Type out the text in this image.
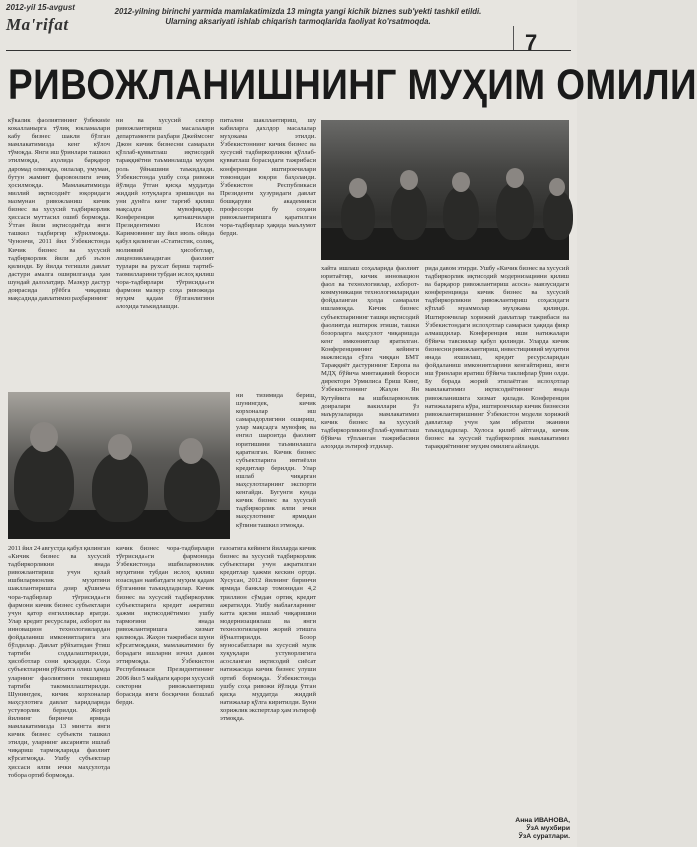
2012-yil 15-avgust
Ma'rifat
2012-yilning birinchi yarmida mamlakatimizda 13 mingta yangi kichik biznes sub'yekti tashkil etildi. Ularning aksariyati ishlab chiqarish tarmoqlarida faoliyat ko'rsatmoqda.
7
РИВОЖЛАНИШНИНГ МУҲИМ ОМИЛИ
кўкалик фаолиятининг ўзбекиste кокалланырга тўлиқ юкламалари кабу бизнес шакли бўлган мамлакатимизда кенг кўлоч тўмоқда. Янги иш ўринлари ташкил этилмоқда, аҳолида барқарор даромад олмоқда, оилалар, умуман, бутун жамият фаровонлиги ичиқ ҳосилмоқда. Мамлакатимизда миллий иқтисодиёт юқоридаги мазмунан ривожланиш кичик бизнес ва хусусий тадбиркорлик ҳиссаси муттасил ошиб бормоқда. Ўтган йили иқтисодиётда янги ташкил тадбиргир кўрилмоқда. Чунончи, 2011 йил Ўзбекистонда Кичик бизнес ва хусусий тадбиркорлик йили деб эълон қилинди. Бу йилда тегишли давлат дастури амалга оширилганда ҳам шундай далолатдир. Мазкур дастур доирасида рўёбга чиқариш мақсадида давлатимиз раҳбарининг
ни ва хусусий сектор ривожлантириш масалалари департаменти раҳбари Джеймсонг Джон кичик бизнесни самарали қўллаб-қувватлаш иқтисодий тараққиётни таъминлашда муҳим роль ўйнашини таъкидлади. Ўзбекистонда ушбу соҳа ривожи йўлида ўтган қисқа муддатда жиддий ютуқларга эришилди ва уни дунёга кенг тарғиб қилиш мақсадга мувофиқдир. Конференция қатнашчилари Президентимиз Ислом Каримовнинг шу йил июль ойида қабул қилинган «Статистик, солиқ, молиявий ҳисоботлар, лицензияланадиган фаолият турлари ва рухсат бериш тартиб-таомилларини тубдан ислоҳ қилиш чора-тадбирлари тўғрисида»ги фармони мазкур соҳа ривожида муҳим қадам бўлганлигини алоҳида таъкидлашди.
питални шакллантириш, шу кабиларга дахлдор масалалар муҳокама этилди. Ўзбекистоннинг кичик бизнес ва хусусий тадбиркорликни қўллаб-қувватлаш борасидаги тажрибаси конференция иштирокчилари томонидан юқори баҳоланди. Ўзбекистон Республикаси Президенти ҳузуридаги давлат бошқаруви академияси профессори бу соҳани ривожлантиришга қаратилган чора-тадбирлар ҳақида маълумот берди.
хайта ишлаш соҳаларида фаолият юритаётир, кичик инновацион фаол ва технологиялар, ахборот-коммуникация технологияларидан фойдаланган ҳолда самарали ишламоқда. Кичик бизнес субъектларининг ташқи иқтисодий фаолиятда иштирок этиши, ташки бозорларга маҳсулот чиқаришда кенг имкониятлар яратилган. Конференциянинг кейинги мажлисида сўзга чиққан БМТ Тараққиёт дастурининг Европа ва МДҲ бўйича минтақавий бюроси директори Урмилиса Ёриш Кинг, Ўзбекистоннинг Жаҳон Ян Кутуйвига ва ишбилармонлик доиралари вакиллари ўз маърузаларида мамлакатимиз кичик бизнес ва хусусий тадбиркорликни қўллаб-қувватлаш бўйича тўпланган тажрибасини алоҳида эътироф этдилар.
рида давом этирди. Ушбу «Кичик бизнес ва хусусий тадбиркорлик иқтисодий модернизацияни қилиш ва барқарор ривожлантириш асоси» мавзусидаги конференцияда кичик бизнес ва хусусий тадбиркорликни ривожлантириш соҳасидаги кўплаб муаммолар муҳокама қилинди. Иштирокчилар хорижий давлатлар тажрибаси ва Ўзбекистондаги ислоҳотлар самараси ҳақида фикр алмашдилар. Конференция иши натижалари бўйича тавсиялар қабул қилинди. Уларда кичик бизнесни ривожлантириш, инвестициявий муҳитни янада яхшилаш, кредит ресурсларидан фойдаланиш имкониятларини кенгайтириш, янги иш ўринлари яратиш бўйича таклифлар ўрин олди. Бу борада жорий этилаётган ислоҳотлар мамлакатимиз иқтисодиётининг янада ривожланишига хизмат қилади. Конференция натижаларига кўра, иштирокчилар кичик бизнесни ривожлантиришнинг Ўзбекистон модели хорижий давлатлар учун ҳам ибратли эканини таъкидладилар. Хулоса қилиб айтганда, кичик бизнес ва хусусий тадбиркорлик мамлакатимиз тараққиётининг муҳим омилига айланди.
ни тизимида бериш, шунингдек, кичик корхоналар иш самарадорлигини ошириш, улар мақсадга мувофиқ ва енгил шароитда фаолият юритишини таъминлашга қаратилган. Кичик бизнес субъектларига имтиёзли кредитлар берилди. Улар ишлаб чиқарган маҳсулотларнинг экспорти кенгайди. Бугунги кунда кичик бизнес ва хусусий тадбиркорлик ялпи ички маҳсулотнинг ярмидан кўпини ташкил этмоқда.
2011 йил 24 августда қабул қилинган «Кичик бизнес ва хусусий тадбиркорликни янада ривожлантириш учун қулай ишбилармонлик муҳитини шакллантиришга доир қўшимча чора-тадбирлар тўғрисида»ги фармони кичик бизнес субъектлари учун қатор енгилликлар яратди. Улар кредит ресурслари, ахборот ва инновацион технологиялардан фойдаланиш имкониятларига эга бўлдилар. Давлат рўйхатидан ўтиш тартиби соддалаштирилди, ҳисоботлар сони қисқарди. Соҳа субъектларини рўйхатга олиш ҳамда уларнинг фаолиятини текшириш тартиби такомиллаштирилди. Шунингдек, кичик корхоналар маҳсулотига давлат харидларида устуворлик берилди. Жорий йилнинг биринчи ярмида мамлакатимизда 13 мингта янги кичик бизнес субъекти ташкил этилди, уларнинг аксарияти ишлаб чиқариш тармоқларида фаолият кўрсатмоқда. Ушбу субъектлар ҳиссаси ялпи ички маҳсулотда тобора ортиб бормоқда.
кичик бизнес чора-тадбирлари тўғрисида»ги фармонида Ўзбекистонда ишбилармонлик муҳитини тубдан ислоҳ қилиш юзасидан навбатдаги муҳим қадам бўлганини таъкидладилар. Кичик бизнес ва хусусий тадбиркорлик субъектларига кредит ажратиш ҳажми иқтисодиётимиз ушбу тармоғини янада ривожлантиришга хизмат қилмоқда. Жаҳон тажрибаси шуни кўрсатмоқдаки, мамлакатимиз бу борадаги ишларни изчил давом эттирмоқда. Ўзбекистон Республикаси Президентининг 2006 йил 5 майдаги қарори хусусий секторни ривожлантириш борасида янги босқични бошлаб берди.
ғазоатига кейинги йилларда кичик бизнес ва хусусий тадбиркорлик субъектлари учун ажратилган кредитлар ҳажми кескин ортди. Хусусан, 2012 йилнинг биринчи ярмида банклар томонидан 4,2 триллион сўмдан ортиқ кредит ажратилди. Ушбу маблағларнинг катта қисми ишлаб чиқаришни модернизациялаш ва янги технологияларни жорий этишга йўналтирилди. Бозор муносабатлари ва хусусий мулк хуқуқлари устуворлигига асосланган иқтисодий сиёсат натижасида кичик бизнес улуши ортиб бормоқда. Ўзбекистонда ушбу соҳа ривожи йўлида ўтган қисқа муддатда жиддий натижалар қўлга киритилди. Буни хорижлик экспертлар ҳам эътироф этмоқда.
Анна ИВАНОВА,
ЎзА мухбири
ЎзА суратлари.
